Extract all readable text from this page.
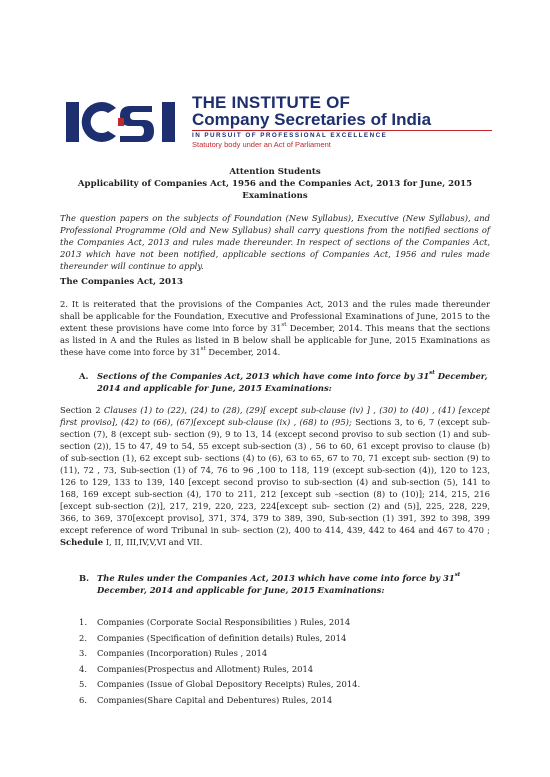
THE INSTITUTE OF
Company Secretaries of India
IN PURSUIT OF PROFESSIONAL EXCELLENCE
Statutory body under an Act of Parliament
Attention Students
Applicability of Companies Act, 1956 and the Companies Act, 2013 for June, 2015
Examinations
The question papers on the subjects of Foundation (New Syllabus), Executive (New Syllabus), and Professional Programme (Old and New Syllabus) shall carry questions from the notified sections of the Companies Act, 2013 and rules made thereunder. In respect of sections of the Companies Act, 2013 which have not been notified, applicable sections of Companies Act, 1956 and rules made thereunder will continue to apply.
The Companies Act, 2013
2. It is reiterated that the provisions of the Companies Act, 2013 and the rules made thereunder shall be applicable for the Foundation, Executive and Professional Examinations of June, 2015 to the extent these provisions have come into force by 31st December, 2014. This means that the sections as listed in A and the Rules as listed in B below shall be applicable for June, 2015 Examinations as these have come into force by 31st December, 2014.
A. Sections of the Companies Act, 2013 which have come into force by 31st December, 2014 and applicable for June, 2015 Examinations:
Section 2 Clauses (1) to (22), (24) to (28), (29)[ except sub-clause (iv) ] , (30) to (40) , (41) [except first proviso], (42) to (66), (67)[except sub-clause (ix) , (68) to (95); Sections 3, to 6, 7 (except sub-section (7), 8 (except sub- section (9), 9 to 13, 14 (except second proviso to sub section (1) and sub- section (2)), 15 to 47, 49 to 54, 55 except sub-section (3) , 56 to 60, 61 except proviso to clause (b) of sub-section (1), 62 except sub- sections (4) to (6), 63 to 65, 67 to 70, 71 except sub- section (9) to (11), 72 , 73, Sub-section (1) of 74, 76 to 96 ,100 to 118, 119 (except sub-section (4)), 120 to 123, 126 to 129, 133 to 139, 140 [except second proviso to sub-section (4) and sub-section (5), 141 to 168, 169 except sub-section (4), 170 to 211, 212 [except sub –section (8) to (10)]; 214, 215, 216 [except sub-section (2)], 217, 219, 220, 223, 224[except sub- section (2) and (5)], 225, 228, 229, 366, to 369, 370[except proviso], 371, 374, 379 to 389, 390, Sub-section (1) 391, 392 to 398, 399 except reference of word Tribunal in sub- section (2), 400 to 414, 439, 442 to 464 and 467 to 470 ; Schedule I, II, III,IV,V,VI and VII.
B. The Rules under the Companies Act, 2013 which have come into force by 31st December, 2014 and applicable for June, 2015 Examinations:
1. Companies (Corporate Social Responsibilities ) Rules, 2014
2. Companies (Specification of definition details) Rules, 2014
3. Companies (Incorporation) Rules , 2014
4. Companies(Prospectus and Allotment) Rules, 2014
5. Companies (Issue of Global Depository Receipts) Rules, 2014.
6. Companies(Share Capital and Debentures) Rules, 2014
